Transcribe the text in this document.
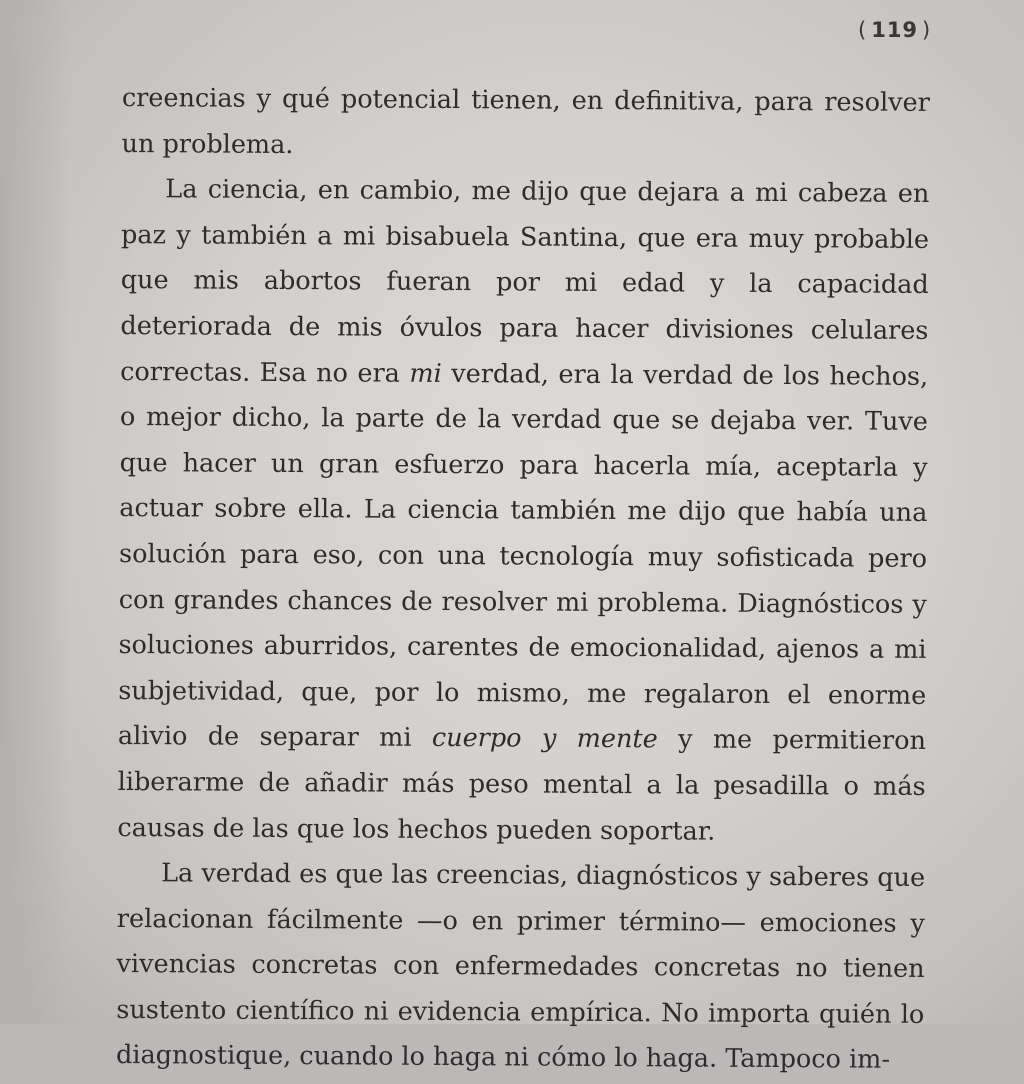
( 119 )

creencias y qué potencial tienen, en definitiva, para resolver un problema.

La ciencia, en cambio, me dijo que dejara a mi cabeza en paz y también a mi bisabuela Santina, que era muy probable que mis abortos fueran por mi edad y la capacidad deteriorada de mis óvulos para hacer divisiones celulares correctas. Esa no era mi verdad, era la verdad de los hechos, o mejor dicho, la parte de la verdad que se dejaba ver. Tuve que hacer un gran esfuerzo para hacerla mía, aceptarla y actuar sobre ella. La ciencia también me dijo que había una solución para eso, con una tecnología muy sofisticada pero con grandes chances de resolver mi problema. Diagnósticos y soluciones aburridos, carentes de emocionalidad, ajenos a mi subjetividad, que, por lo mismo, me regalaron el enorme alivio de separar mi cuerpo y mente y me permitieron liberarme de añadir más peso mental a la pesadilla o más causas de las que los hechos pueden soportar.

La verdad es que las creencias, diagnósticos y saberes que relacionan fácilmente —o en primer término— emociones y vivencias concretas con enfermedades concretas no tienen sustento científico ni evidencia empírica. No importa quién lo diagnostique, cuando lo haga ni cómo lo haga. Tampoco im-
